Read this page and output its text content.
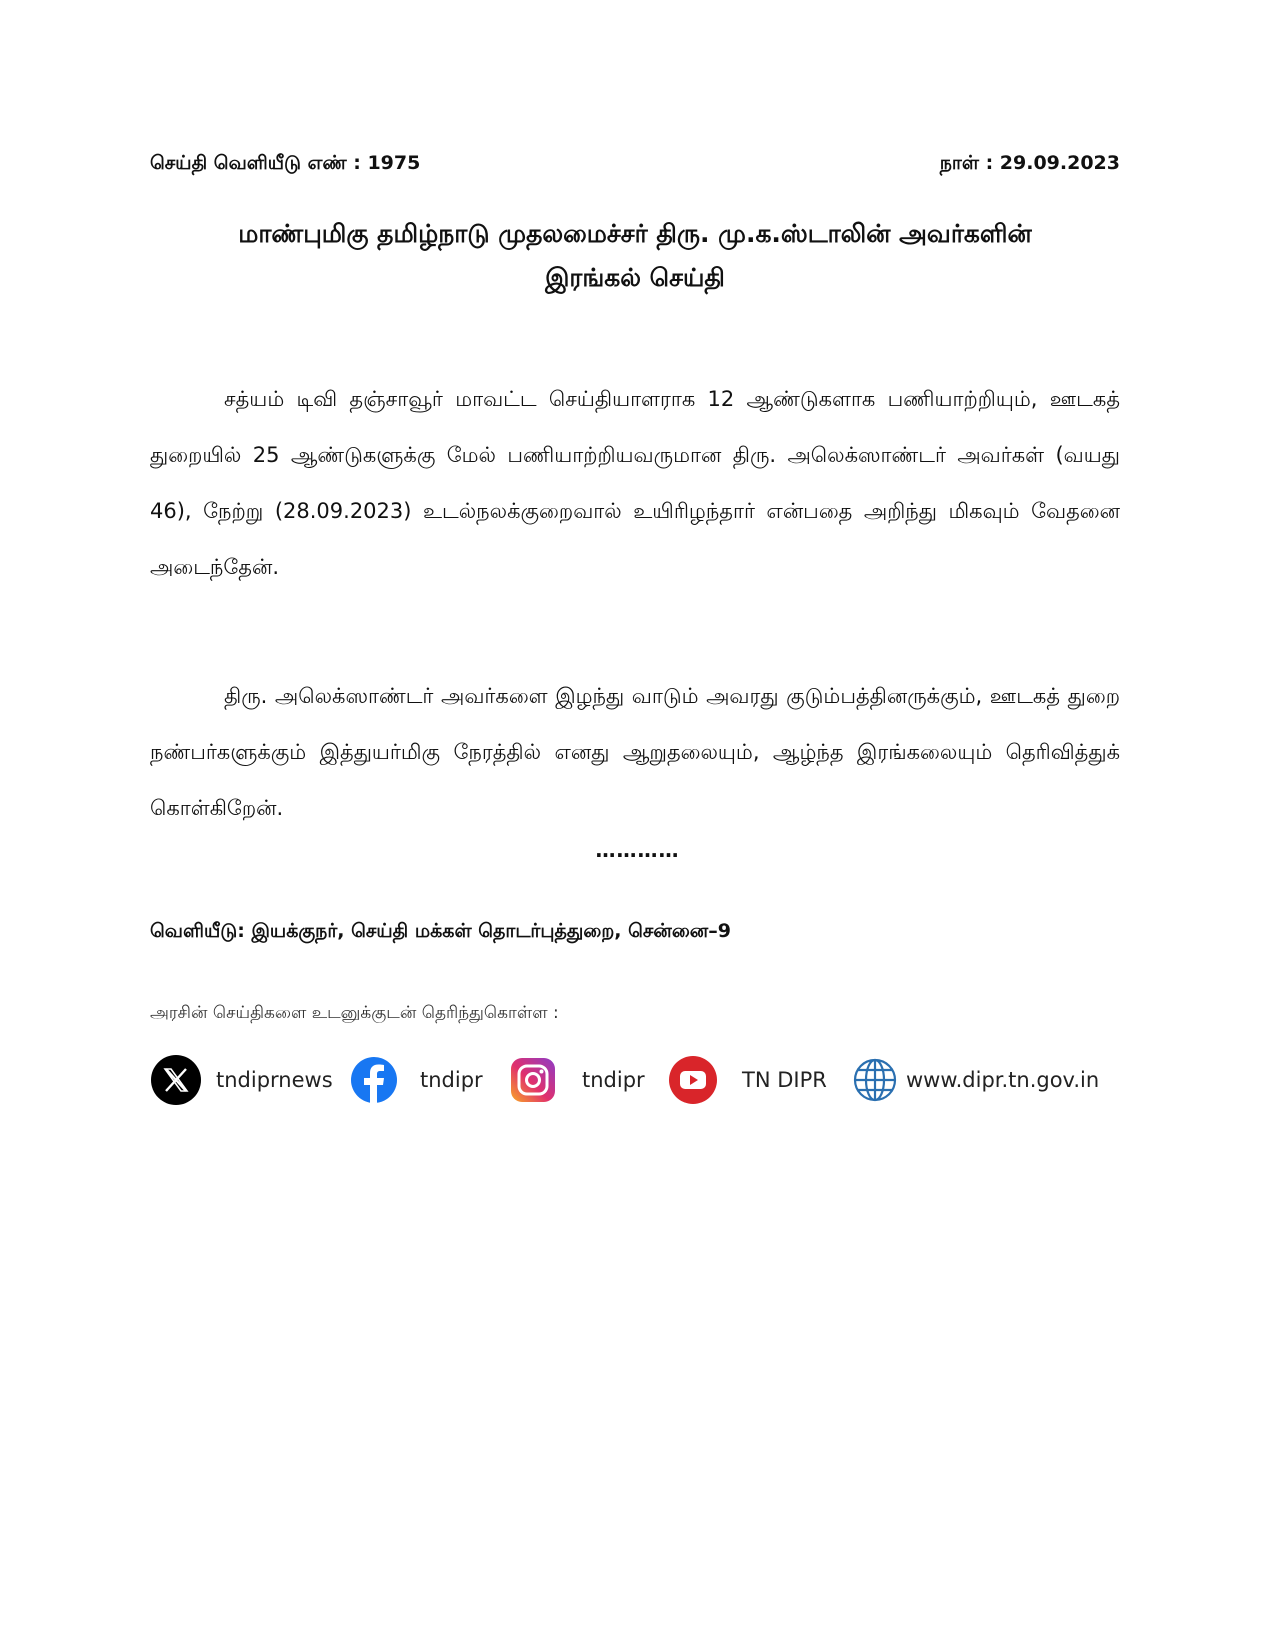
செய்தி வெளியீடு எண் : 1975	நாள் : 29.09.2023
மாண்புமிகு தமிழ்நாடு முதலமைச்சர் திரு. மு.க.ஸ்டாலின் அவர்களின்
இரங்கல் செய்தி

சத்யம் டிவி தஞ்சாவூர் மாவட்ட செய்தியாளராக 12 ஆண்டுகளாக பணியாற்றியும், ஊடகத் துறையில் 25 ஆண்டுகளுக்கு மேல் பணியாற்றியவருமான திரு. அலெக்ஸாண்டர் அவர்கள் (வயது 46), நேற்று (28.09.2023) உடல்நலக்குறைவால் உயிரிழந்தார் என்பதை அறிந்து மிகவும் வேதனை அடைந்தேன்.

திரு. அலெக்ஸாண்டர் அவர்களை இழந்து வாடும் அவரது குடும்பத்தினருக்கும், ஊடகத் துறை நண்பர்களுக்கும் இத்துயர்மிகு நேரத்தில் எனது ஆறுதலையும், ஆழ்ந்த இரங்கலையும் தெரிவித்துக் கொள்கிறேன்.

…………
வெளியீடு: இயக்குநர், செய்தி மக்கள் தொடர்புத்துறை, சென்னை–9
அரசின் செய்திகளை உடனுக்குடன் தெரிந்துகொள்ள :
tndiprnews	tndipr	tndipr	TN DIPR	www.dipr.tn.gov.in
